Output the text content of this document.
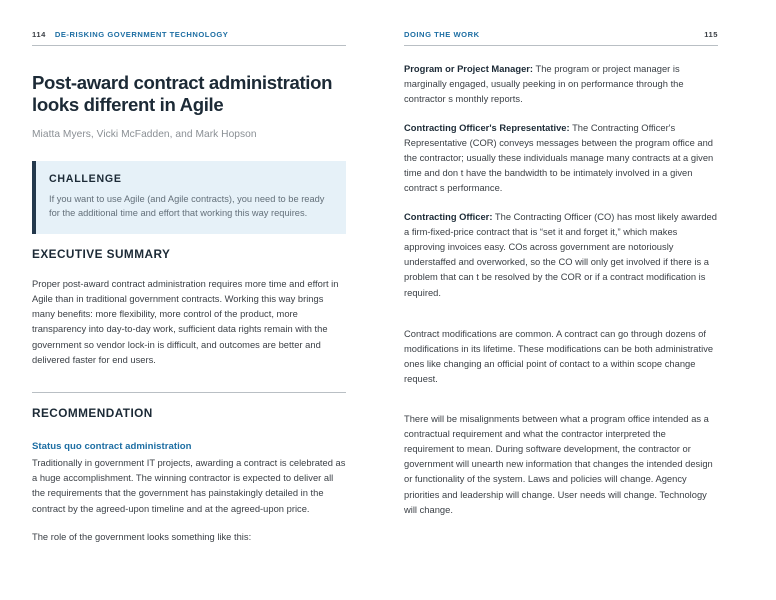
114 DE-RISKING GOVERNMENT TECHNOLOGY
Post-award contract administration looks different in Agile
Miatta Myers, Vicki McFadden, and Mark Hopson
CHALLENGE

If you want to use Agile (and Agile contracts), you need to be ready for the additional time and effort that working this way requires.

EXECUTIVE SUMMARY

Proper post-award contract administration requires more time and effort in Agile than in traditional government contracts. Working this way brings many benefits: more flexibility, more control of the product, more transparency into day-to-day work, sufficient data rights remain with the government so vendor lock-in is difficult, and outcomes are better and delivered faster for end users.

RECOMMENDATION
Status quo contract administration

Traditionally in government IT projects, awarding a contract is celebrated as a huge accomplishment. The winning contractor is expected to deliver all the requirements that the government has painstakingly detailed in the contract by the agreed-upon timeline and at the agreed-upon price.

The role of the government looks something like this:

DOING THE WORK	115

Program or Project Manager: The program or project manager is marginally engaged, usually peeking in on performance through the contractor s monthly reports.

Contracting Officer's Representative: The Contracting Officer's Representative (COR) conveys messages between the program office and the contractor; usually these individuals manage many contracts at a given time and don t have the bandwidth to be intimately involved in a given contract s performance.

Contracting Officer: The Contracting Officer (CO) has most likely awarded a firm-fixed-price contract that is “set it and forget it,” which makes approving invoices easy. COs across government are notoriously understaffed and overworked, so the CO will only get involved if there is a problem that can t be resolved by the COR or if a contract modification is required.

Contract modifications are common. A contract can go through dozens of modifications in its lifetime. These modifications can be both administrative ones like changing an official point of contact to a within scope change request.

There will be misalignments between what a program office intended as a contractual requirement and what the contractor interpreted the requirement to mean. During software development, the contractor or government will unearth new information that changes the intended design or functionality of the system. Laws and policies will change. Agency priorities and leadership will change. User needs will change. Technology will change.
